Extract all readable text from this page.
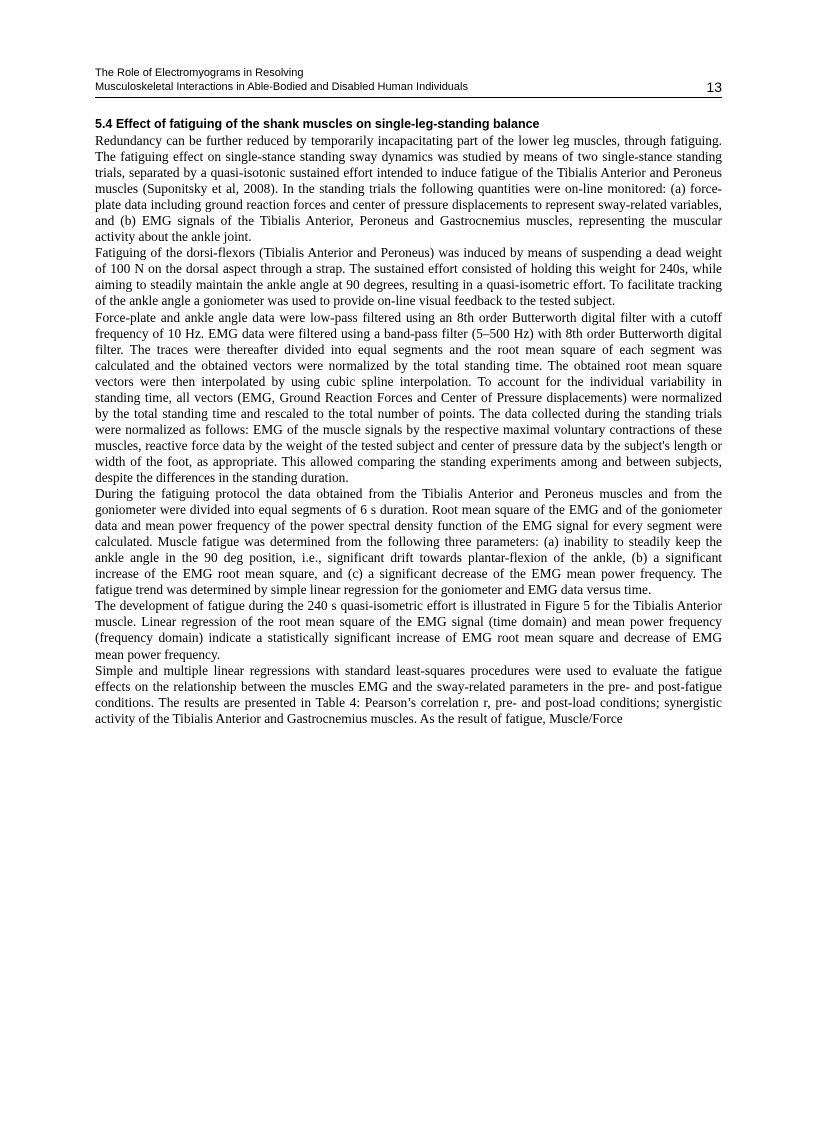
The Role of Electromyograms in Resolving
Musculoskeletal Interactions in Able-Bodied and Disabled Human Individuals	13
5.4 Effect of fatiguing of the shank muscles on single-leg-standing balance

Redundancy can be further reduced by temporarily incapacitating part of the lower leg muscles, through fatiguing. The fatiguing effect on single-stance standing sway dynamics was studied by means of two single-stance standing trials, separated by a quasi-isotonic sustained effort intended to induce fatigue of the Tibialis Anterior and Peroneus muscles (Suponitsky et al, 2008). In the standing trials the following quantities were on-line monitored: (a) force-plate data including ground reaction forces and center of pressure displacements to represent sway-related variables, and (b) EMG signals of the Tibialis Anterior, Peroneus and Gastrocnemius muscles, representing the muscular activity about the ankle joint.

Fatiguing of the dorsi-flexors (Tibialis Anterior and Peroneus) was induced by means of suspending a dead weight of 100 N on the dorsal aspect through a strap. The sustained effort consisted of holding this weight for 240s, while aiming to steadily maintain the ankle angle at 90 degrees, resulting in a quasi-isometric effort. To facilitate tracking of the ankle angle a goniometer was used to provide on-line visual feedback to the tested subject.

Force-plate and ankle angle data were low-pass filtered using an 8th order Butterworth digital filter with a cutoff frequency of 10 Hz. EMG data were filtered using a band-pass filter (5–500 Hz) with 8th order Butterworth digital filter. The traces were thereafter divided into equal segments and the root mean square of each segment was calculated and the obtained vectors were normalized by the total standing time. The obtained root mean square vectors were then interpolated by using cubic spline interpolation. To account for the individual variability in standing time, all vectors (EMG, Ground Reaction Forces and Center of Pressure displacements) were normalized by the total standing time and rescaled to the total number of points. The data collected during the standing trials were normalized as follows: EMG of the muscle signals by the respective maximal voluntary contractions of these muscles, reactive force data by the weight of the tested subject and center of pressure data by the subject's length or width of the foot, as appropriate. This allowed comparing the standing experiments among and between subjects, despite the differences in the standing duration.

During the fatiguing protocol the data obtained from the Tibialis Anterior and Peroneus muscles and from the goniometer were divided into equal segments of 6 s duration. Root mean square of the EMG and of the goniometer data and mean power frequency of the power spectral density function of the EMG signal for every segment were calculated. Muscle fatigue was determined from the following three parameters: (a) inability to steadily keep the ankle angle in the 90 deg position, i.e., significant drift towards plantar-flexion of the ankle, (b) a significant increase of the EMG root mean square, and (c) a significant decrease of the EMG mean power frequency. The fatigue trend was determined by simple linear regression for the goniometer and EMG data versus time.

The development of fatigue during the 240 s quasi-isometric effort is illustrated in Figure 5 for the Tibialis Anterior muscle. Linear regression of the root mean square of the EMG signal (time domain) and mean power frequency (frequency domain) indicate a statistically significant increase of EMG root mean square and decrease of EMG mean power frequency.

Simple and multiple linear regressions with standard least-squares procedures were used to evaluate the fatigue effects on the relationship between the muscles EMG and the sway-related parameters in the pre- and post-fatigue conditions. The results are presented in Table 4: Pearson’s correlation r, pre- and post-load conditions; synergistic activity of the Tibialis Anterior and Gastrocnemius muscles. As the result of fatigue, Muscle/Force
